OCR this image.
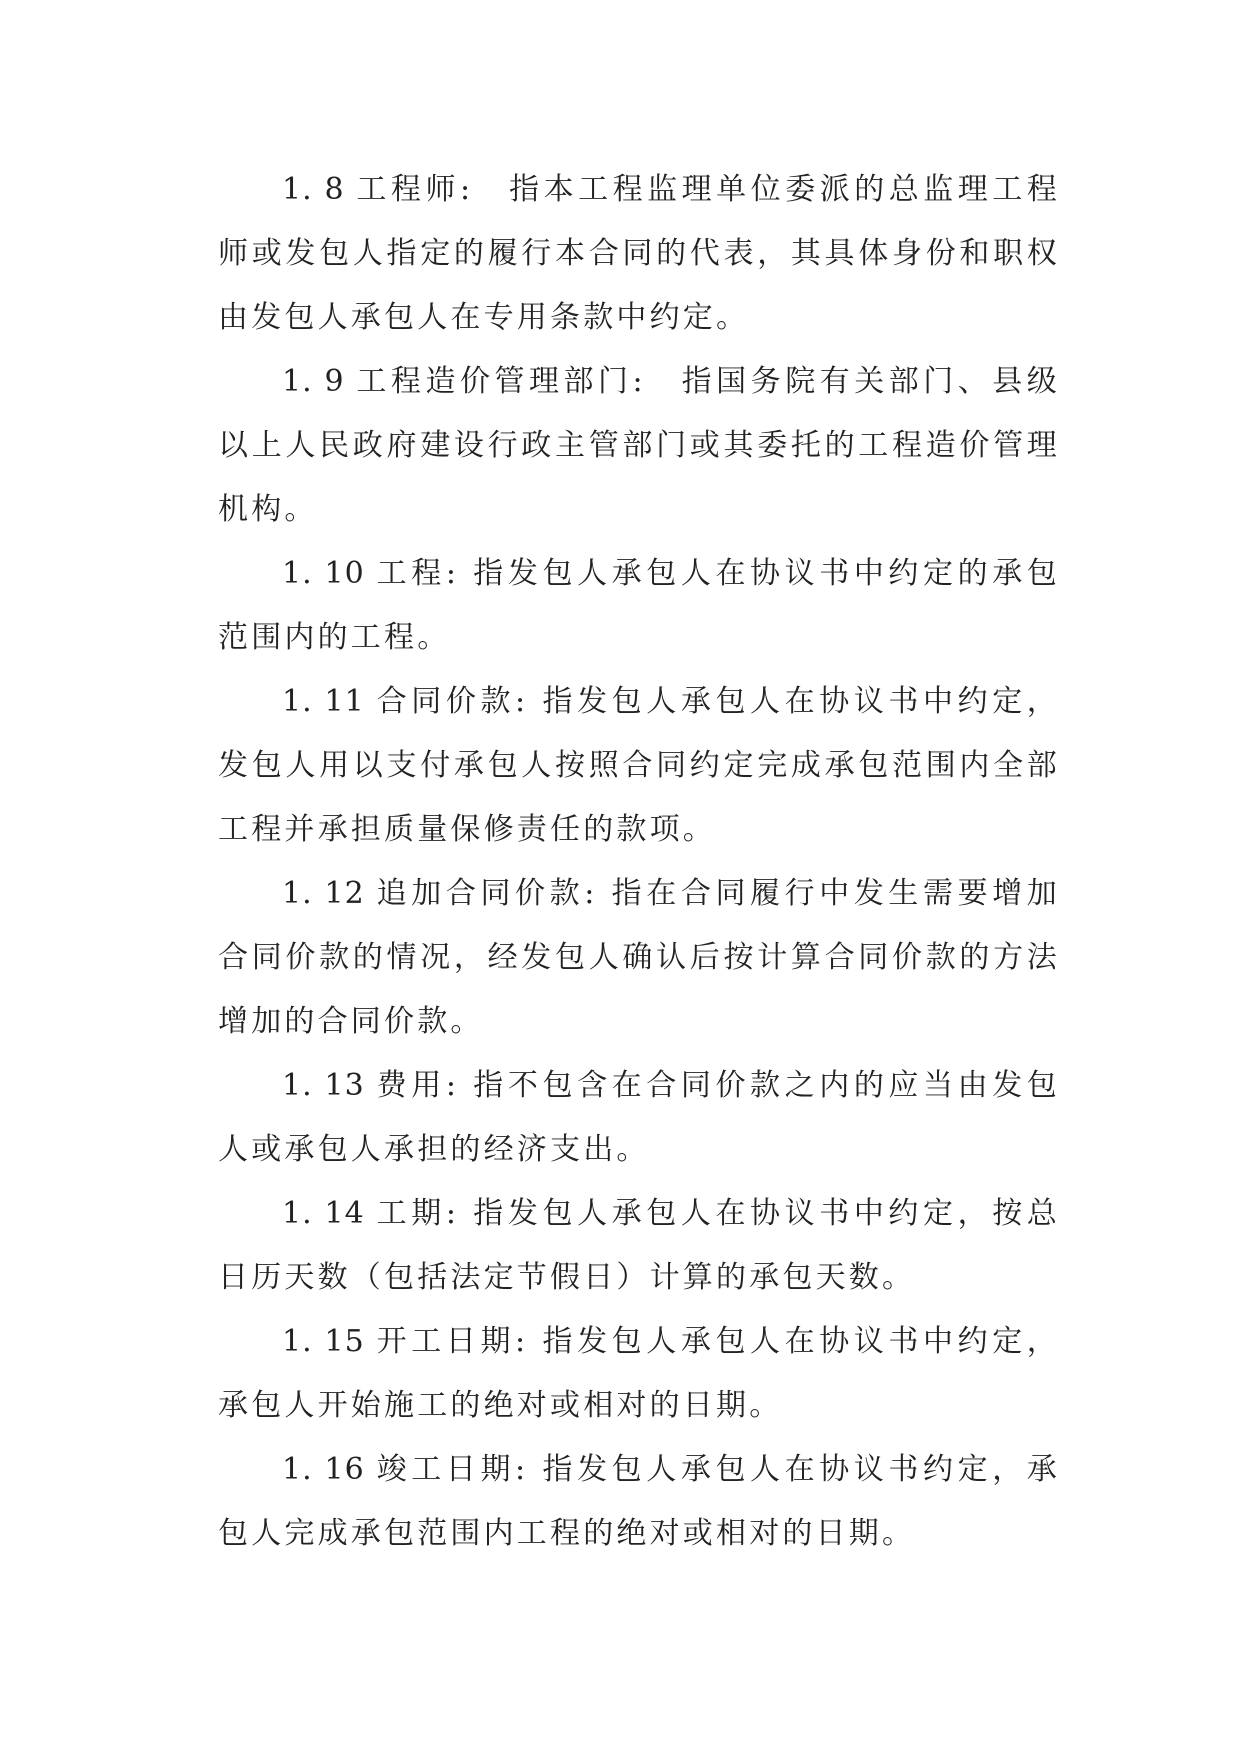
1. 8 工程师:　指本工程监理单位委派的总监理工程师或发包人指定的履行本合同的代表，其具体身份和职权由发包人承包人在专用条款中约定。

1. 9 工程造价管理部门:　指国务院有关部门、县级以上人民政府建设行政主管部门或其委托的工程造价管理机构。

1. 10 工程: 指发包人承包人在协议书中约定的承包范围内的工程。

1. 11 合同价款: 指发包人承包人在协议书中约定，发包人用以支付承包人按照合同约定完成承包范围内全部工程并承担质量保修责任的款项。

1. 12 追加合同价款: 指在合同履行中发生需要增加合同价款的情况，经发包人确认后按计算合同价款的方法增加的合同价款。

1. 13 费用: 指不包含在合同价款之内的应当由发包人或承包人承担的经济支出。

1. 14 工期: 指发包人承包人在协议书中约定，按总日历天数（包括法定节假日）计算的承包天数。

1. 15 开工日期: 指发包人承包人在协议书中约定，承包人开始施工的绝对或相对的日期。

1. 16 竣工日期: 指发包人承包人在协议书约定，承包人完成承包范围内工程的绝对或相对的日期。
